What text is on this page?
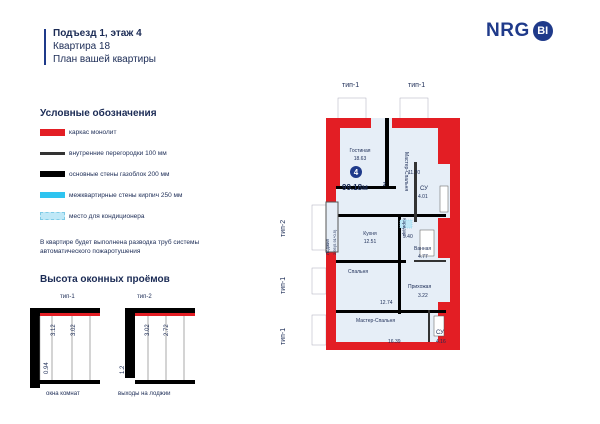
Подъезд 1, этаж 4
Квартира 18
План вашей квартиры
NRG BI
Условные обозначения
каркас монолит
внутренние перегородки 100 мм
основные стены газоблок 200 мм
межквартирные стены кирпич 250 мм
место для кондиционера
В квартире будет выполнена разводка труб системы автоматического пожаротушения
Высота оконных проёмов
тип-1	тип-2
3.12 3.02
0.94
3.02 2.72
1.2
окна комнат	выходы на лоджии
тип-1	тип-1
тип-2
тип-1
тип-1
Гостиная
18.63
4
99.18м	2	Мастер-Спальня 11.70
СУ
4.01
Кухня
12.51
Лоджия 2.95(5.91*0.5)
Коридор
9.40
Ванная
4.77
Спальня
12.74
Прихожая
3.22
Мастер-Спальня
16.39
СУ
4.16
